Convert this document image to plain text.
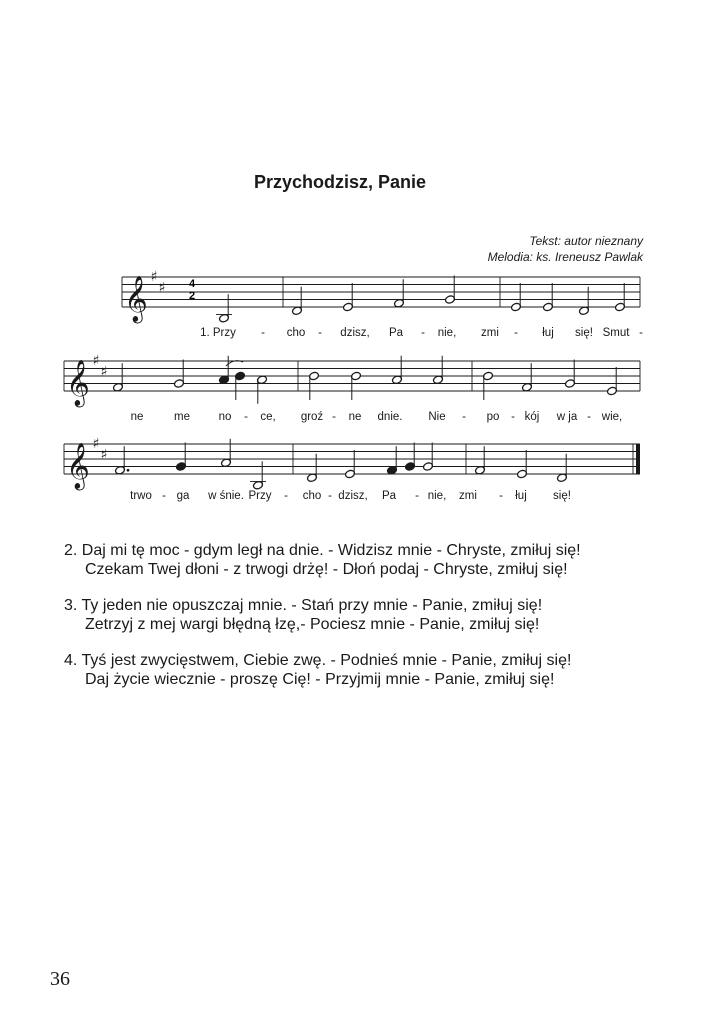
Przychodzisz, Panie
Tekst: autor nieznany
Melodia: ks. Ireneusz Pawlak
𝄞 ♯
♯
𝄞 ♯
♯
𝄞 ♯
♯
4
2
1. Przy - cho - dzisz, Pa - nie, zmi - łuj się! Smut -
ne	me no - ce, groź - ne dnie. Nie - po - kój w ja - wie,
trwo - ga w śnie. Przy - cho - dzisz, Pa - nie, zmi - łuj się!
2. Daj mi tę moc - gdym legł na dnie. - Widzisz mnie - Chryste, zmiłuj się!
Czekam Twej dłoni - z trwogi drżę! - Dłoń podaj - Chryste, zmiłuj się!
3. Ty jeden nie opuszczaj mnie. - Stań przy mnie - Panie, zmiłuj się!
Zetrzyj z mej wargi błędną łzę,- Pociesz mnie - Panie, zmiłuj się!
4. Tyś jest zwycięstwem, Ciebie zwę. - Podnieś mnie - Panie, zmiłuj się!
Daj życie wiecznie - proszę Cię! - Przyjmij mnie - Panie, zmiłuj się!
36
